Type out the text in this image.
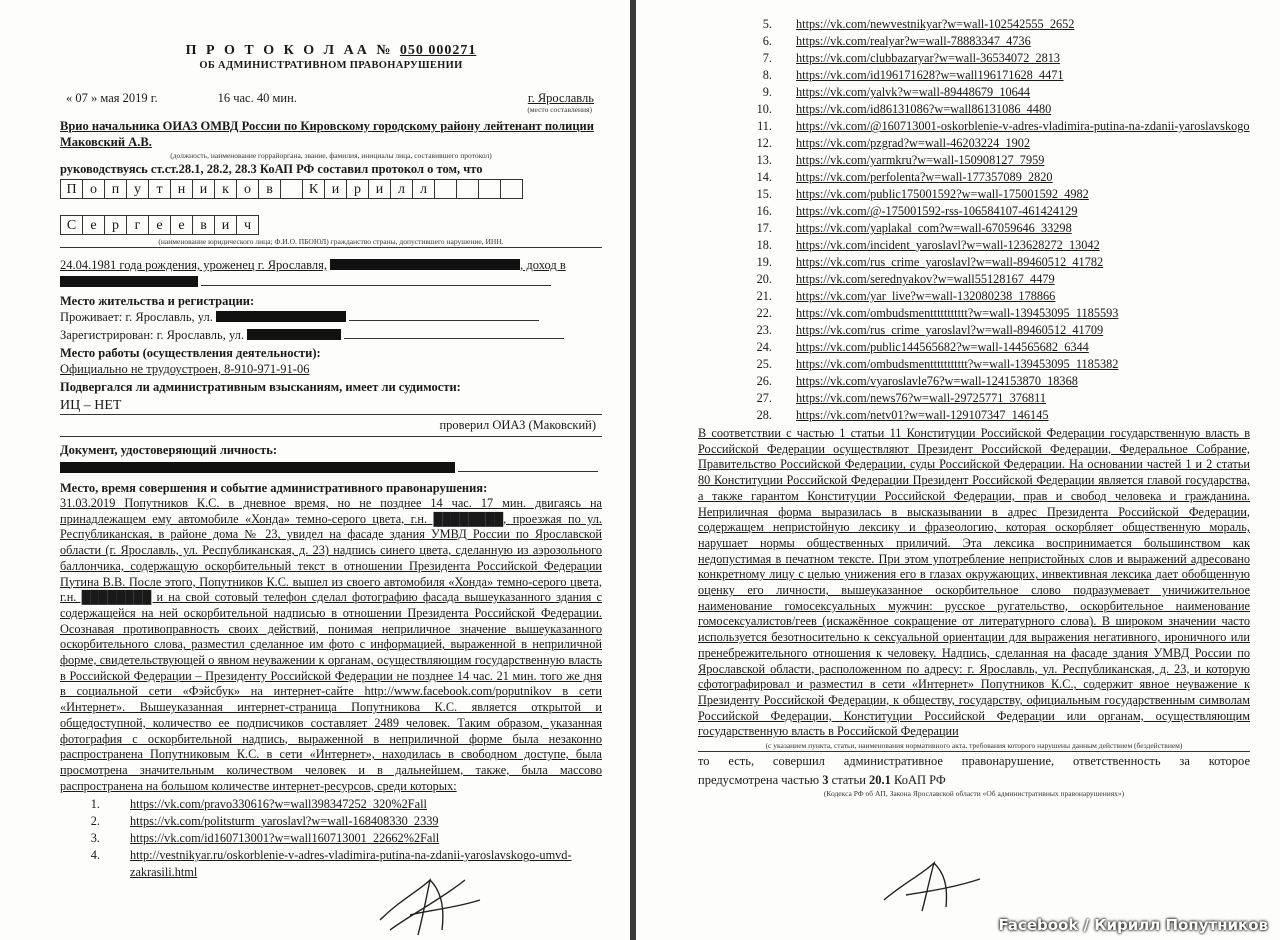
П Р О Т О К О Л АА № 050 000271
ОБ АДМИНИСТРАТИВНОМ ПРАВОНАРУШЕНИИ
« 07 » мая 2019 г.	16 час. 40 мин.	г. Ярославль
(место составления)
Врио начальника ОИАЗ ОМВД России по Кировскому городскому району лейтенант полиции Маковский А.В.
(должность, наименование горрайоргана, звание, фамилия, инициалы лица, составившего протокол)
руководствуясь ст.ст.28.1, 28.2, 28.3 КоАП РФ составил протокол о том, что
П о	п	у	т	н	и	к	о	в	К и	р	и	л	л
С	е	р	г	е	е	в	и	ч
(наименование юридического лица; Ф.И.О. ПБОЮЛ) гражданство страны, допустившего нарушение, ИНН.
24.04.1981 года рождения, уроженец г. Ярославля,	, доход в

Место жительства и регистрации:
Проживает: г. Ярославль, ул.
Зарегистрирован: г. Ярославль, ул.
Место работы (осуществления деятельности):
Официально не трудоустроен, 8-910-971-91-06
Подвергался ли административным взысканиям, имеет ли судимости:
ИЦ – НЕТ
проверил ОИАЗ (Маковский)
Документ, удостоверяющий личность:

Место, время совершения и событие административного правонарушения:
31.03.2019 Попутников К.С. в дневное время, но не позднее 14 час. 17 мин. двигаясь на принадлежащем ему автомобиле «Хонда» темно-серого цвета, г.н. ████████, проезжая по ул. Республиканская, в районе дома № 23, увидел на фасаде здания УМВД России по Ярославской области (г. Ярославль, ул. Республиканская, д. 23) надпись синего цвета, сделанную из аэрозольного баллончика, содержащую оскорбительный текст в отношении Президента Российской Федерации Путина В.В. После этого, Попутников К.С. вышел из своего автомобиля «Хонда» темно-серого цвета, г.н. ████████ и на свой сотовый телефон сделал фотографию фасада вышеуказанного здания с содержащейся на ней оскорбительной надписью в отношении Президента Российской Федерации. Осознавая противоправность своих действий, понимая неприличное значение вышеуказанного оскорбительного слова, разместил сделанное им фото с информацией, выраженной в неприличной форме, свидетельствующей о явном неуважении к органам, осуществляющим государственную власть в Российской Федерации – Президенту Российской Федерации не позднее 14 час. 21 мин. того же дня в социальной сети «Фэйсбук» на интернет-сайте http://www.facebook.com/poputnikov в сети «Интернет». Вышеуказанная интернет-страница Попутникова К.С. является открытой и общедоступной, количество ее подписчиков составляет 2489 человек. Таким образом, указанная фотография с оскорбительной надпись, выраженной в неприличной форме была незаконно распространена Попутниковым К.С. в сети «Интернет», находилась в свободном доступе, была просмотрена значительным количеством человек и в дальнейшем, также, была массово распространена на большом количестве интернет-ресурсов, среди которых:
1.	https://vk.com/pravo330616?w=wall398347252_320%2Fall
2.	https://vk.com/politsturm_yaroslavl?w=wall-168408330_2339
3.	https://vk.com/id160713001?w=wall160713001_22662%2Fall
4.	http://vestnikyar.ru/oskorblenie-v-adres-vladimira-putina-na-zdanii-yaroslavskogo-umvd-zakrasili.html
5.	https://vk.com/newvestnikyar?w=wall-102542555_2652
6.	https://vk.com/realyar?w=wall-78883347_4736
7.	https://vk.com/clubbazaryar?w=wall-36534072_2813
8.	https://vk.com/id196171628?w=wall196171628_4471
9.	https://vk.com/yalvk?w=wall-89448679_10644
10.	https://vk.com/id86131086?w=wall86131086_4480
11.	https://vk.com/@160713001-oskorblenie-v-adres-vladimira-putina-na-zdanii-yaroslavskogo
12.	https://vk.com/pzgrad?w=wall-46203224_1902
13.	https://vk.com/yarmkru?w=wall-150908127_7959
14.	https://vk.com/perfolenta?w=wall-177357089_2820
15.	https://vk.com/public175001592?w=wall-175001592_4982
16.	https://vk.com/@-175001592-rss-106584107-461424129
17.	https://vk.com/yaplakal_com?w=wall-67059646_33298
18.	https://vk.com/incident_yaroslavl?w=wall-123628272_13042
19.	https://vk.com/rus_crime_yaroslavl?w=wall-89460512_41782
20.	https://vk.com/serednyakov?w=wall55128167_4479
21.	https://vk.com/yar_live?w=wall-132080238_178866
22.	https://vk.com/ombudsmenttttttttttt?w=wall-139453095_1185593
23.	https://vk.com/rus_crime_yaroslavl?w=wall-89460512_41709
24.	https://vk.com/public144565682?w=wall-144565682_6344
25.	https://vk.com/ombudsmenttttttttttt?w=wall-139453095_1185382
26.	https://vk.com/vyaroslavle76?w=wall-124153870_18368
27.	https://vk.com/news76?w=wall-29725771_376811
28.	https://vk.com/netv01?w=wall-129107347_146145
В соответствии с частью 1 статьи 11 Конституции Российской Федерации государственную власть в Российской Федерации осуществляют Президент Российской Федерации, Федеральное Собрание, Правительство Российской Федерации, суды Российской Федерации. На основании частей 1 и 2 статьи 80 Конституции Российской Федерации Президент Российской Федерации является главой государства, а также гарантом Конституции Российской Федерации, прав и свобод человека и гражданина. Неприличная форма выразилась в высказывании в адрес Президента Российской Федерации, содержащем непристойную лексику и фразеологию, которая оскорбляет общественную мораль, нарушает нормы общественных приличий. Эта лексика воспринимается большинством как недопустимая в печатном тексте. При этом употребление непристойных слов и выражений адресовано конкретному лицу с целью унижения его в глазах окружающих, инвективная лексика дает обобщенную оценку его личности, вышеуказанное оскорбительное слово подразумевает уничижительное наименование гомосексуальных мужчин: русское ругательство, оскорбительное наименование гомосексуалистов/геев (искажённое сокращение от литературного слова). В широком значении часто используется безотносительно к сексуальной ориентации для выражения негативного, ироничного или пренебрежительного отношения к человеку. Надпись, сделанная на фасаде здания УМВД России по Ярославской области, расположенном по адресу: г. Ярославль, ул. Республиканская, д. 23, и которую сфотографировал и разместил в сети «Интернет» Попутников К.С., содержит явное неуважение к Президенту Российской Федерации, к обществу, государству, официальным государственным символам Российской Федерации, Конституции Российской Федерации или органам, осуществляющим государственную власть в Российской Федерации
(с указанием пункта, статьи, наименования нормативного акта, требования которого нарушены данным действием (бездействием)
то есть, совершил административное правонарушение, ответственность за которое
предусмотрена частью 3 статьи 20.1 КоАП РФ
(Кодекса РФ об АП, Закона Ярославской области «Об административных правонарушениях»)
Facebook / Кирилл Попутников
